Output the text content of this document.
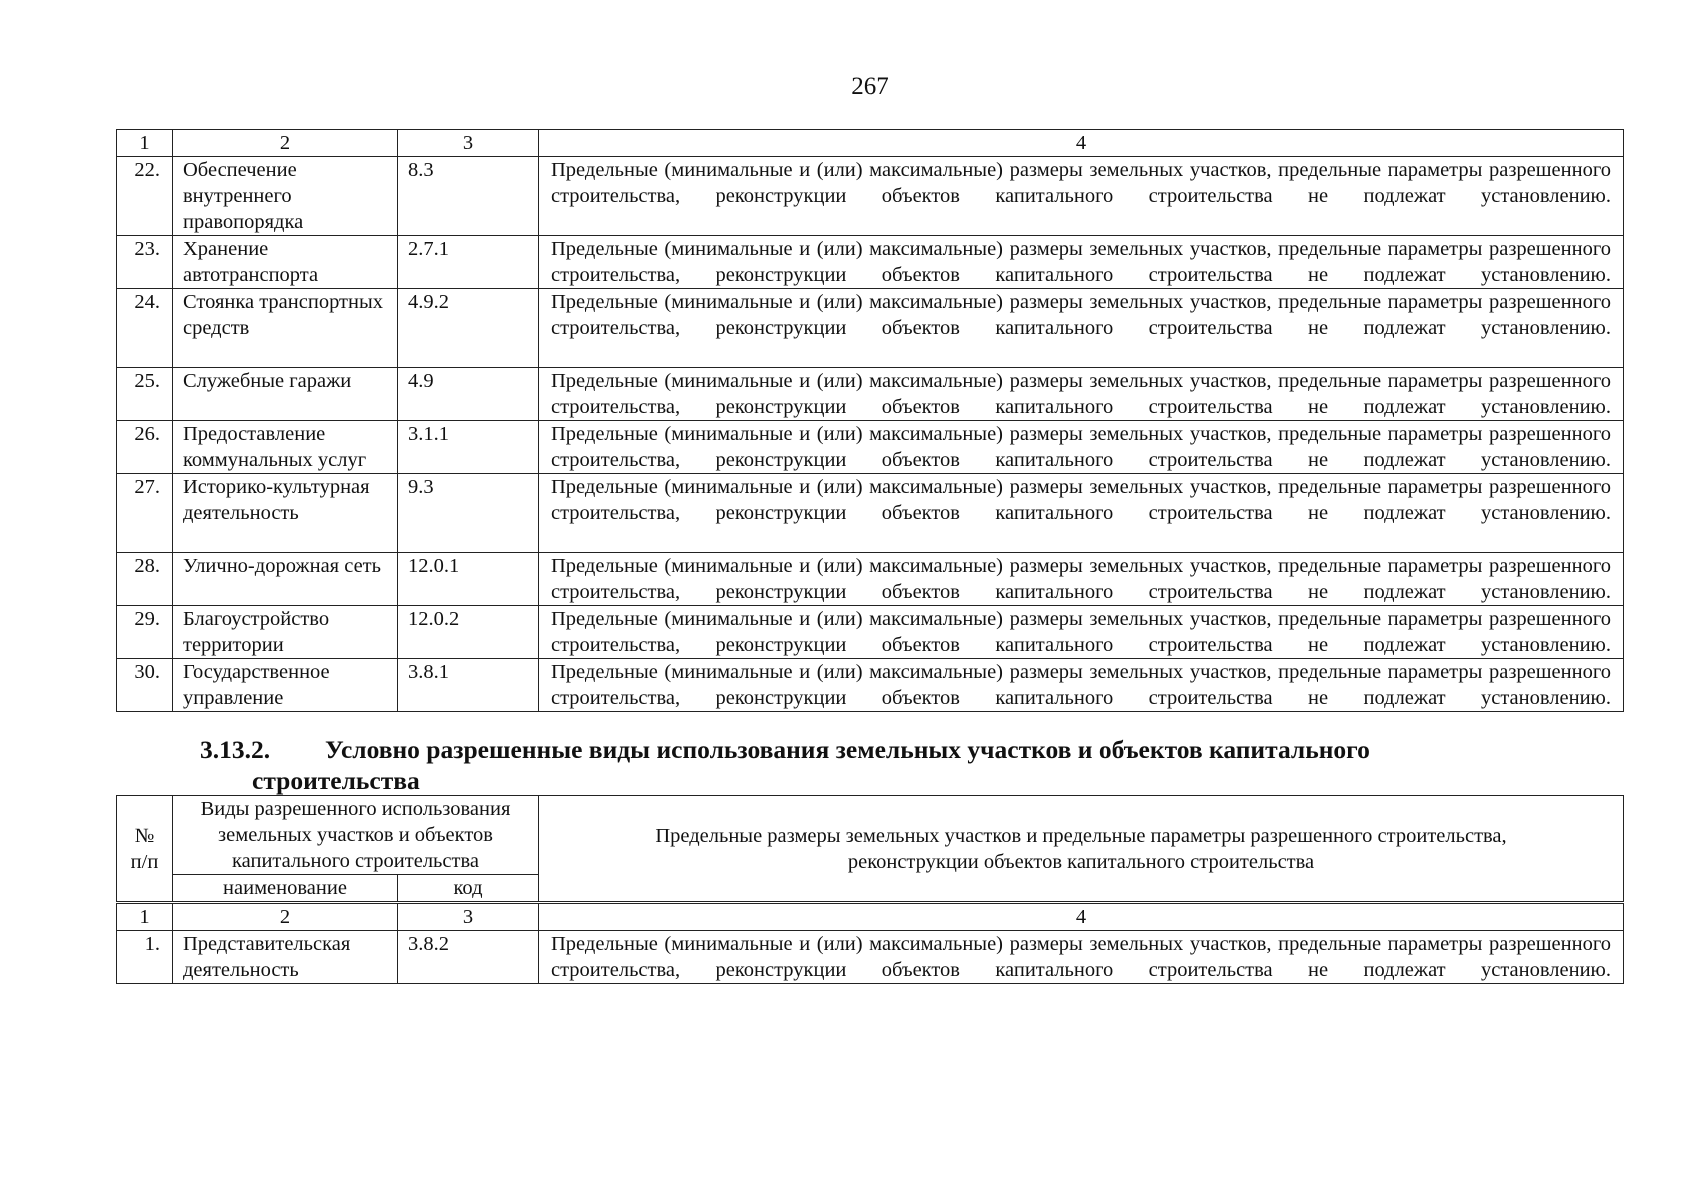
267
1	2	3	4
22.	Обеспечение внутреннего правопорядка	8.3	Предельные (минимальные и (или) максимальные) размеры земельных участков, предельные параметры разрешенного строительства, реконструкции объектов капитального строительства не подлежат установлению.
23.	Хранение автотранспорта	2.7.1	Предельные (минимальные и (или) максимальные) размеры земельных участков, предельные параметры разрешенного строительства, реконструкции объектов капитального строительства не подлежат установлению.
24.	Стоянка транспортных средств	4.9.2	Предельные (минимальные и (или) максимальные) размеры земельных участков, предельные параметры разрешенного строительства, реконструкции объектов капитального строительства не подлежат установлению.
25.	Служебные гаражи	4.9	Предельные (минимальные и (или) максимальные) размеры земельных участков, предельные параметры разрешенного строительства, реконструкции объектов капитального строительства не подлежат установлению.
26.	Предоставление коммунальных услуг	3.1.1	Предельные (минимальные и (или) максимальные) размеры земельных участков, предельные параметры разрешенного строительства, реконструкции объектов капитального строительства не подлежат установлению.
27.	Историко-культурная деятельность	9.3	Предельные (минимальные и (или) максимальные) размеры земельных участков, предельные параметры разрешенного строительства, реконструкции объектов капитального строительства не подлежат установлению.
28.	Улично-дорожная сеть	12.0.1	Предельные (минимальные и (или) максимальные) размеры земельных участков, предельные параметры разрешенного строительства, реконструкции объектов капитального строительства не подлежат установлению.
29.	Благоустройство территории	12.0.2	Предельные (минимальные и (или) максимальные) размеры земельных участков, предельные параметры разрешенного строительства, реконструкции объектов капитального строительства не подлежат установлению.
30.	Государственное управление	3.8.1	Предельные (минимальные и (или) максимальные) размеры земельных участков, предельные параметры разрешенного строительства, реконструкции объектов капитального строительства не подлежат установлению.
3.13.2. Условно разрешенные виды использования земельных участков и объектов капитального
строительства
№ п/п	Виды разрешенного использования земельных участков и объектов капитального строительства		Предельные размеры земельных участков и предельные параметры разрешенного строительства, реконструкции объектов капитального строительства
	наименование	код	
1	2	3	4
1.	Представительская деятельность	3.8.2	Предельные (минимальные и (или) максимальные) размеры земельных участков, предельные параметры разрешенного строительства, реконструкции объектов капитального строительства не подлежат установлению.
